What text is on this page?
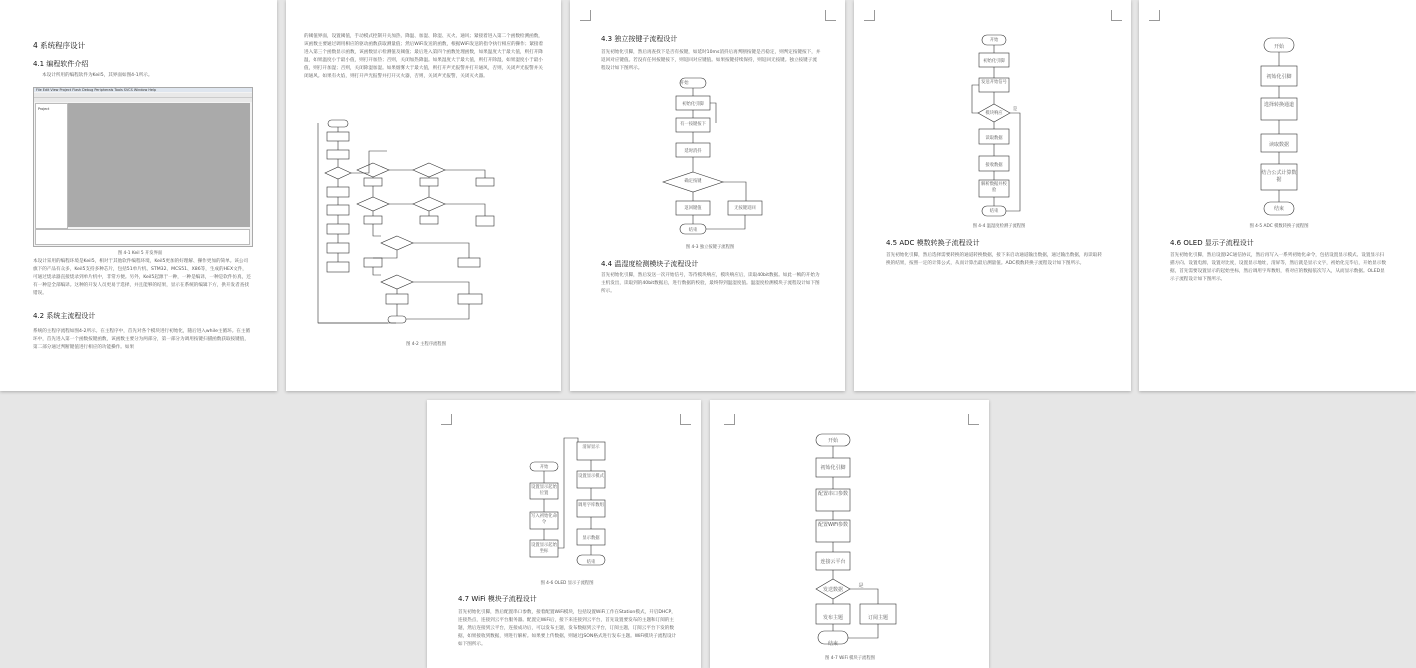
4 系统程序设计
4.1 编程软件介绍
本设计所用的编程软件为Keil5，其界面如图4-1所示。
File Edit View Project Flash Debug Peripherals Tools SVCS Window Help
Project
图 4-1 Keil 5 开发界面
本设计采用的编程环境是Keil5，相对于其他软件编程环境，Keil5更加的好理解、操作更加的简单。该公司旗下的产品有众多，Keil5支持多种芯片，包括51单片机、STM32、MCS51、X86等，生成的HEX文件，可通过烧录器直接烧录到单片机中，非常方便。另外，Keil5起源于一种，一种是编译，一种是软件仿真，还有一种是全部编译。这种的开发人员更易于选择，并且能够的结果，显示在系统的编辑下方，供开发者查找错误。
4.2 系统主流程设计
系统的主程序流程如图4-2所示。在主程序中，首先对各个模块进行初始化，随后进入while主循环。在主循环中，首先进入第一个函数按键函数，该函数主要分为两部分，第一部分为调用按键扫描函数获取按键值，第二部分通过判断键值进行相应的功能操作。如果
的阈值界面，设置阈值，手动模式控制开关加热、降温、加湿、除湿、灭火、通风；紧接着进入第二个函数检测函数，该函数主要通过调用相应的驱动函数获取测量值；然后WiFi发送的函数，根据WiFi发送的指令执行相应的操作；紧接着进入第三个函数显示函数，该函数显示检测值及阈值；最后进入第四个函数处理函数，如果温度大于最大值，则打开降温，如果温度小于最小值，则打开加热；否则，关闭加热降温。如果湿度大于最大值，则打开除湿，如果湿度小于最小值，则打开加湿；否则，关闭除湿加湿。如果烟雾大于最大值，则打开声光报警并打开通风，否则，关闭声光报警并关闭通风。如果有火焰，则打开声光报警并打开灭火器，否则，关闭声光报警，关闭灭火器。
图 4-2 主程序流程图
4.3 独立按键子流程设计
首先初始化引脚，然后再查找下是否有按键，如延时10ms消抖后再判断按键是否稳定，则判定按键按下，并返回对应键值。若没有任何按键按下，则返回对应键值。如果按键持续保持，则返回无按键。独立按键子流程设计如下图所示。
开始
初始化引脚
有一按键按下
延时消抖
确定按键
返回键值	无按键返回
结束
图 4-3 独立按键子流程图
4.4 温湿度检测模块子流程设计
首先初始化引脚，然后发送一次开始信号，等待模块响应，模块响应后，读取40bit数据。如此一帧的开始为主机发出，读取到的40bit数据后，进行数据的校验，最终得到温湿度值。温湿度检测模块子流程设计如下图所示。
开始
初始化引脚
发送开始信号
模块响应
是
读取数据
接收数据
解析数据并校验
结束
图 4-4 温湿度检测子流程图
4.5 ADC 模数转换子流程设计
首先初始化引脚，然后选择需要转换的通道转换数据，接下来启动通道输出数据，通过输出数据，再读取转换的结果，按照一定的计算公式，从而计算出最后测量值。ADC模数转换子流程设计如下图所示。
开始
初始化引脚
选择转换通道
读取数据
结合公式计算数据
结束
图 4-5 ADC 模数转换子流程图
4.6 OLED 显示子流程设计
首先初始化引脚，然后设置I2C通信协议，然后再写入一系列初始化命令，包括设置显示模式、设置显示扫描方向、设置电源，设置对比度，设置显示地址，清屏等，然后就是显示文字，初始化完毕后，开始显示数据，首先需要设置显示的起始坐标，然后调用字库数组，将对应的数据依次写入，从而显示数据。OLED显示子流程设计如下图所示。
开始
设置显示起始位置
写入初始化命令
设置显示起始坐标
清屏显示
设置显示模式
调用字库数组
显示数据
结束
图 4-6 OLED 显示子流程图
4.7 WiFi 模块子流程设计
首先初始化引脚，然后配置串口参数，接着配置WiFi模块，包括设置WiFi工作在Station模式，开启DHCP，连接热点，连接到云平台服务器。配置完WiFi后，接下来连接到云平台，首先设置要发布的主题和订阅的主题，然后连接到云平台，连接成功后，可以发布主题，发布数据到云平台，订阅主题，订阅云平台下发的数据，如果接收到数据，则进行解析。如果要上传数据，则通过JSON格式进行发布主题。WiFi模块子流程设计如下图所示。
开始
初始化引脚
配置串口参数
配置WiFi参数
连接云平台
发送数据
是
发布主题	订阅主题
结束
图 4-7 WiFi 模块子流程图
